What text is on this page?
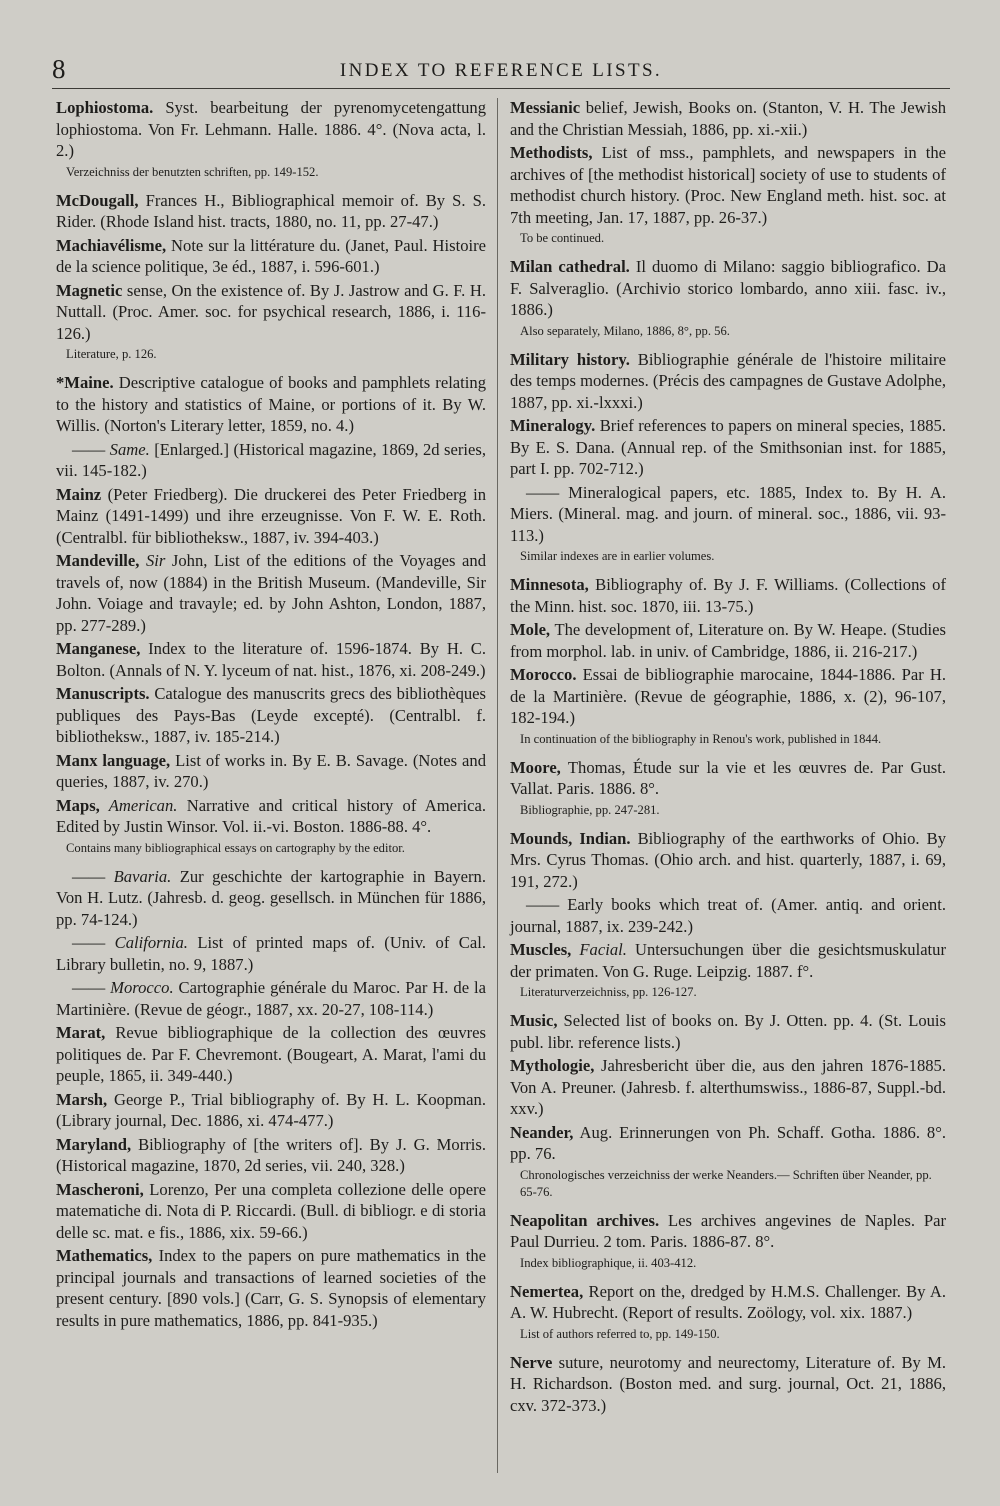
8	INDEX TO REFERENCE LISTS.

Lophiostoma. Syst. bearbeitung der pyrenomycetengattung lophiostoma. Von Fr. Lehmann. Halle. 1886. 4°. (Nova acta, l. 2.)

Verzeichniss der benutzten schriften, pp. 149-152.

McDougall, Frances H., Bibliographical memoir of. By S. S. Rider. (Rhode Island hist. tracts, 1880, no. 11, pp. 27-47.)

Machiavélisme, Note sur la littérature du. (Janet, Paul. Histoire de la science politique, 3e éd., 1887, i. 596-601.)

Magnetic sense, On the existence of. By J. Jastrow and G. F. H. Nuttall. (Proc. Amer. soc. for psychical research, 1886, i. 116-126.)

Literature, p. 126.

*Maine. Descriptive catalogue of books and pamphlets relating to the history and statistics of Maine, or portions of it. By W. Willis. (Norton's Literary letter, 1859, no. 4.)

—— Same. [Enlarged.] (Historical magazine, 1869, 2d series, vii. 145-182.)

Mainz (Peter Friedberg). Die druckerei des Peter Friedberg in Mainz (1491-1499) und ihre erzeugnisse. Von F. W. E. Roth. (Centralbl. für bibliotheksw., 1887, iv. 394-403.)

Mandeville, Sir John, List of the editions of the Voyages and travels of, now (1884) in the British Museum. (Mandeville, Sir John. Voiage and travayle; ed. by John Ashton, London, 1887, pp. 277-289.)

Manganese, Index to the literature of. 1596-1874. By H. C. Bolton. (Annals of N. Y. lyceum of nat. hist., 1876, xi. 208-249.)

Manuscripts. Catalogue des manuscrits grecs des bibliothèques publiques des Pays-Bas (Leyde excepté). (Centralbl. f. bibliotheksw., 1887, iv. 185-214.)

Manx language, List of works in. By E. B. Savage. (Notes and queries, 1887, iv. 270.)

Maps, American. Narrative and critical history of America. Edited by Justin Winsor. Vol. ii.-vi. Boston. 1886-88. 4°.

Contains many bibliographical essays on cartography by the editor.

—— Bavaria. Zur geschichte der kartographie in Bayern. Von H. Lutz. (Jahresb. d. geog. gesellsch. in München für 1886, pp. 74-124.)

—— California. List of printed maps of. (Univ. of Cal. Library bulletin, no. 9, 1887.)

—— Morocco. Cartographie générale du Maroc. Par H. de la Martinière. (Revue de géogr., 1887, xx. 20-27, 108-114.)

Marat, Revue bibliographique de la collection des œuvres politiques de. Par F. Chevremont. (Bougeart, A. Marat, l'ami du peuple, 1865, ii. 349-440.)

Marsh, George P., Trial bibliography of. By H. L. Koopman. (Library journal, Dec. 1886, xi. 474-477.)

Maryland, Bibliography of [the writers of]. By J. G. Morris. (Historical magazine, 1870, 2d series, vii. 240, 328.)

Mascheroni, Lorenzo, Per una completa collezione delle opere matematiche di. Nota di P. Riccardi. (Bull. di bibliogr. e di storia delle sc. mat. e fis., 1886, xix. 59-66.)

Mathematics, Index to the papers on pure mathematics in the principal journals and transactions of learned societies of the present century. [890 vols.] (Carr, G. S. Synopsis of elementary results in pure mathematics, 1886, pp. 841-935.)

Messianic belief, Jewish, Books on. (Stanton, V. H. The Jewish and the Christian Messiah, 1886, pp. xi.-xii.)

Methodists, List of mss., pamphlets, and newspapers in the archives of [the methodist historical] society of use to students of methodist church history. (Proc. New England meth. hist. soc. at 7th meeting, Jan. 17, 1887, pp. 26-37.)

To be continued.

Milan cathedral. Il duomo di Milano: saggio bibliografico. Da F. Salveraglio. (Archivio storico lombardo, anno xiii. fasc. iv., 1886.)

Also separately, Milano, 1886, 8°, pp. 56.

Military history. Bibliographie générale de l'histoire militaire des temps modernes. (Précis des campagnes de Gustave Adolphe, 1887, pp. xi.-lxxxi.)

Mineralogy. Brief references to papers on mineral species, 1885. By E. S. Dana. (Annual rep. of the Smithsonian inst. for 1885, part I. pp. 702-712.)

—— Mineralogical papers, etc. 1885, Index to. By H. A. Miers. (Mineral. mag. and journ. of mineral. soc., 1886, vii. 93-113.)

Similar indexes are in earlier volumes.

Minnesota, Bibliography of. By J. F. Williams. (Collections of the Minn. hist. soc. 1870, iii. 13-75.)

Mole, The development of, Literature on. By W. Heape. (Studies from morphol. lab. in univ. of Cambridge, 1886, ii. 216-217.)

Morocco. Essai de bibliographie marocaine, 1844-1886. Par H. de la Martinière. (Revue de géographie, 1886, x. (2), 96-107, 182-194.)

In continuation of the bibliography in Renou's work, published in 1844.

Moore, Thomas, Étude sur la vie et les œuvres de. Par Gust. Vallat. Paris. 1886. 8°.

Bibliographie, pp. 247-281.

Mounds, Indian. Bibliography of the earthworks of Ohio. By Mrs. Cyrus Thomas. (Ohio arch. and hist. quarterly, 1887, i. 69, 191, 272.)

—— Early books which treat of. (Amer. antiq. and orient. journal, 1887, ix. 239-242.)

Muscles, Facial. Untersuchungen über die gesichtsmuskulatur der primaten. Von G. Ruge. Leipzig. 1887. f°.

Literaturverzeichniss, pp. 126-127.

Music, Selected list of books on. By J. Otten. pp. 4. (St. Louis publ. libr. reference lists.)

Mythologie, Jahresbericht über die, aus den jahren 1876-1885. Von A. Preuner. (Jahresb. f. alterthumswiss., 1886-87, Suppl.-bd. xxv.)

Neander, Aug. Erinnerungen von Ph. Schaff. Gotha. 1886. 8°. pp. 76.

Chronologisches verzeichniss der werke Neanders.— Schriften über Neander, pp. 65-76.

Neapolitan archives. Les archives angevines de Naples. Par Paul Durrieu. 2 tom. Paris. 1886-87. 8°.

Index bibliographique, ii. 403-412.

Nemertea, Report on the, dredged by H.M.S. Challenger. By A. A. W. Hubrecht. (Report of results. Zoölogy, vol. xix. 1887.)

List of authors referred to, pp. 149-150.

Nerve suture, neurotomy and neurectomy, Literature of. By M. H. Richardson. (Boston med. and surg. journal, Oct. 21, 1886, cxv. 372-373.)
